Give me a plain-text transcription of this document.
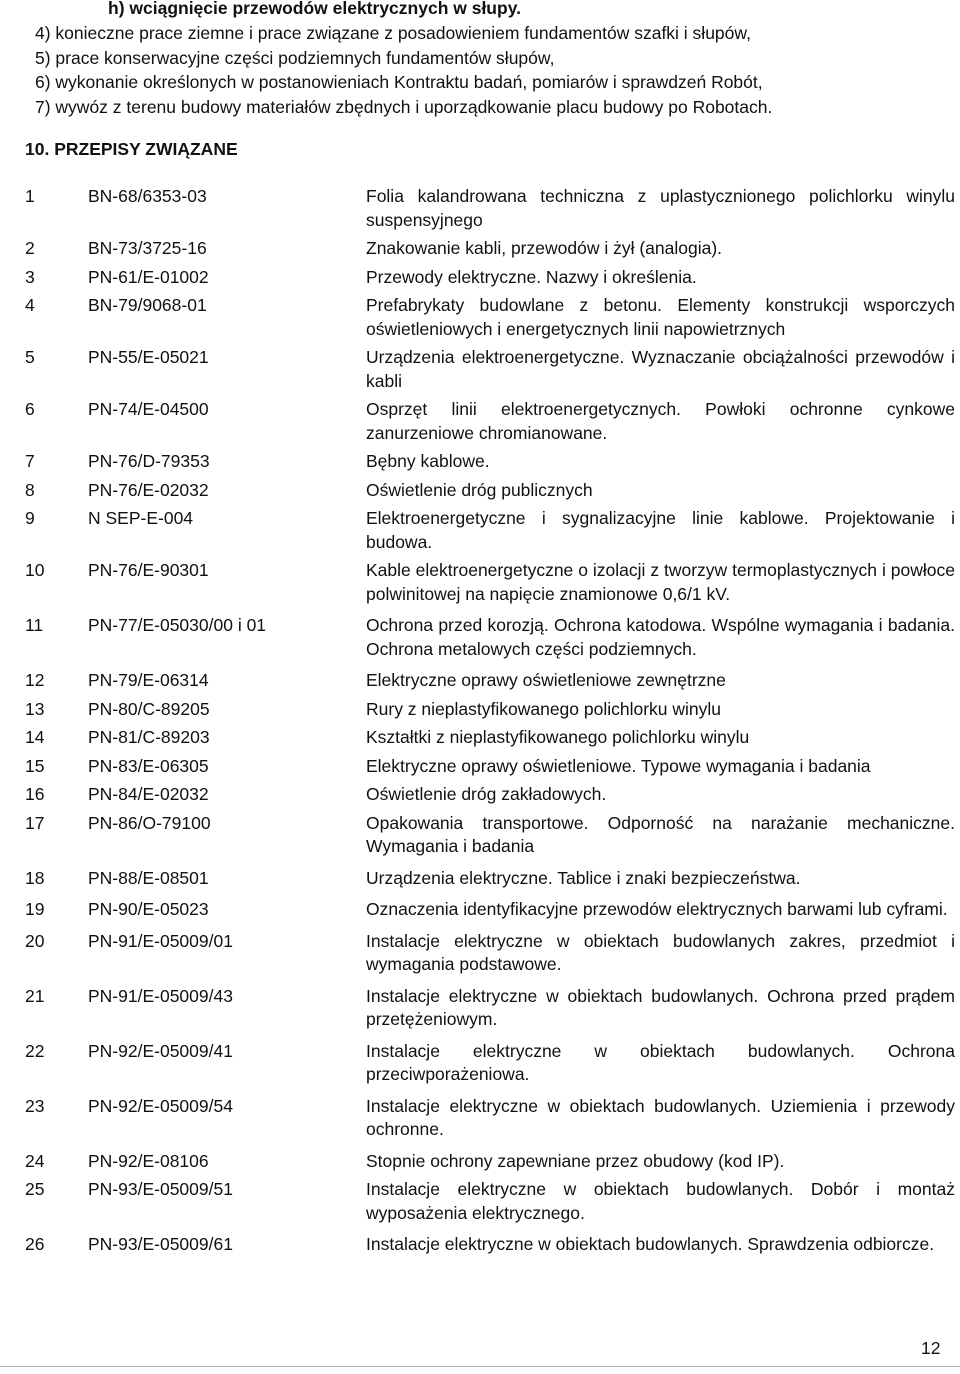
h) wciągnięcie przewodów elektrycznych w słupy.

4) konieczne prace ziemne i prace związane z posadowieniem fundamentów szafki i słupów,
5) prace konserwacyjne części podziemnych fundamentów słupów,
6) wykonanie określonych w postanowieniach Kontraktu badań, pomiarów i sprawdzeń Robót,
7) wywóz z terenu budowy materiałów zbędnych i uporządkowanie placu budowy po Robotach.

10. PRZEPISY ZWIĄZANE

1	BN-68/6353-03	Folia kalandrowana techniczna z uplastycznionego polichlorku winylu suspensyjnego
2	BN-73/3725-16	Znakowanie kabli, przewodów i żył (analogia).
3	PN-61/E-01002	Przewody elektryczne. Nazwy i określenia.
4	BN-79/9068-01	Prefabrykaty budowlane z betonu. Elementy konstrukcji wsporczych oświetleniowych i energetycznych linii napowietrznych
5	PN-55/E-05021	Urządzenia elektroenergetyczne. Wyznaczanie obciążalności przewodów i kabli
6	PN-74/E-04500	Osprzęt linii elektroenergetycznych. Powłoki ochronne cynkowe zanurzeniowe chromianowane.
7	PN-76/D-79353	Bębny kablowe.
8	PN-76/E-02032	Oświetlenie dróg publicznych
9	N SEP-E-004	Elektroenergetyczne i sygnalizacyjne linie kablowe. Projektowanie i budowa.
10	PN-76/E-90301	Kable elektroenergetyczne o izolacji z tworzyw termoplastycznych i powłoce polwinitowej na napięcie znamionowe 0,6/1 kV.
11	PN-77/E-05030/00 i 01	Ochrona przed korozją. Ochrona katodowa. Wspólne wymagania i badania. Ochrona metalowych części podziemnych.
12	PN-79/E-06314	Elektryczne oprawy oświetleniowe zewnętrzne
13	PN-80/C-89205	Rury z nieplastyfikowanego polichlorku winylu
14	PN-81/C-89203	Kształtki z nieplastyfikowanego polichlorku winylu
15	PN-83/E-06305	Elektryczne oprawy oświetleniowe. Typowe wymagania i badania
16	PN-84/E-02032	Oświetlenie dróg zakładowych.
17	PN-86/O-79100	Opakowania transportowe. Odporność na narażanie mechaniczne. Wymagania i badania
18	PN-88/E-08501	Urządzenia elektryczne. Tablice i znaki bezpieczeństwa.
19	PN-90/E-05023	Oznaczenia identyfikacyjne przewodów elektrycznych barwami lub cyframi.
20	PN-91/E-05009/01	Instalacje elektryczne w obiektach budowlanych zakres, przedmiot i wymagania podstawowe.
21	PN-91/E-05009/43	Instalacje elektryczne w obiektach budowlanych. Ochrona przed prądem przetężeniowym.
22	PN-92/E-05009/41	Instalacje elektryczne w obiektach budowlanych. Ochrona przeciwporażeniowa.
23	PN-92/E-05009/54	Instalacje elektryczne w obiektach budowlanych. Uziemienia i przewody ochronne.
24	PN-92/E-08106	Stopnie ochrony zapewniane przez obudowy (kod IP).
25	PN-93/E-05009/51	Instalacje elektryczne w obiektach budowlanych. Dobór i montaż wyposażenia elektrycznego.
26	PN-93/E-05009/61	Instalacje elektryczne w obiektach budowlanych. Sprawdzenia odbiorcze.

12
